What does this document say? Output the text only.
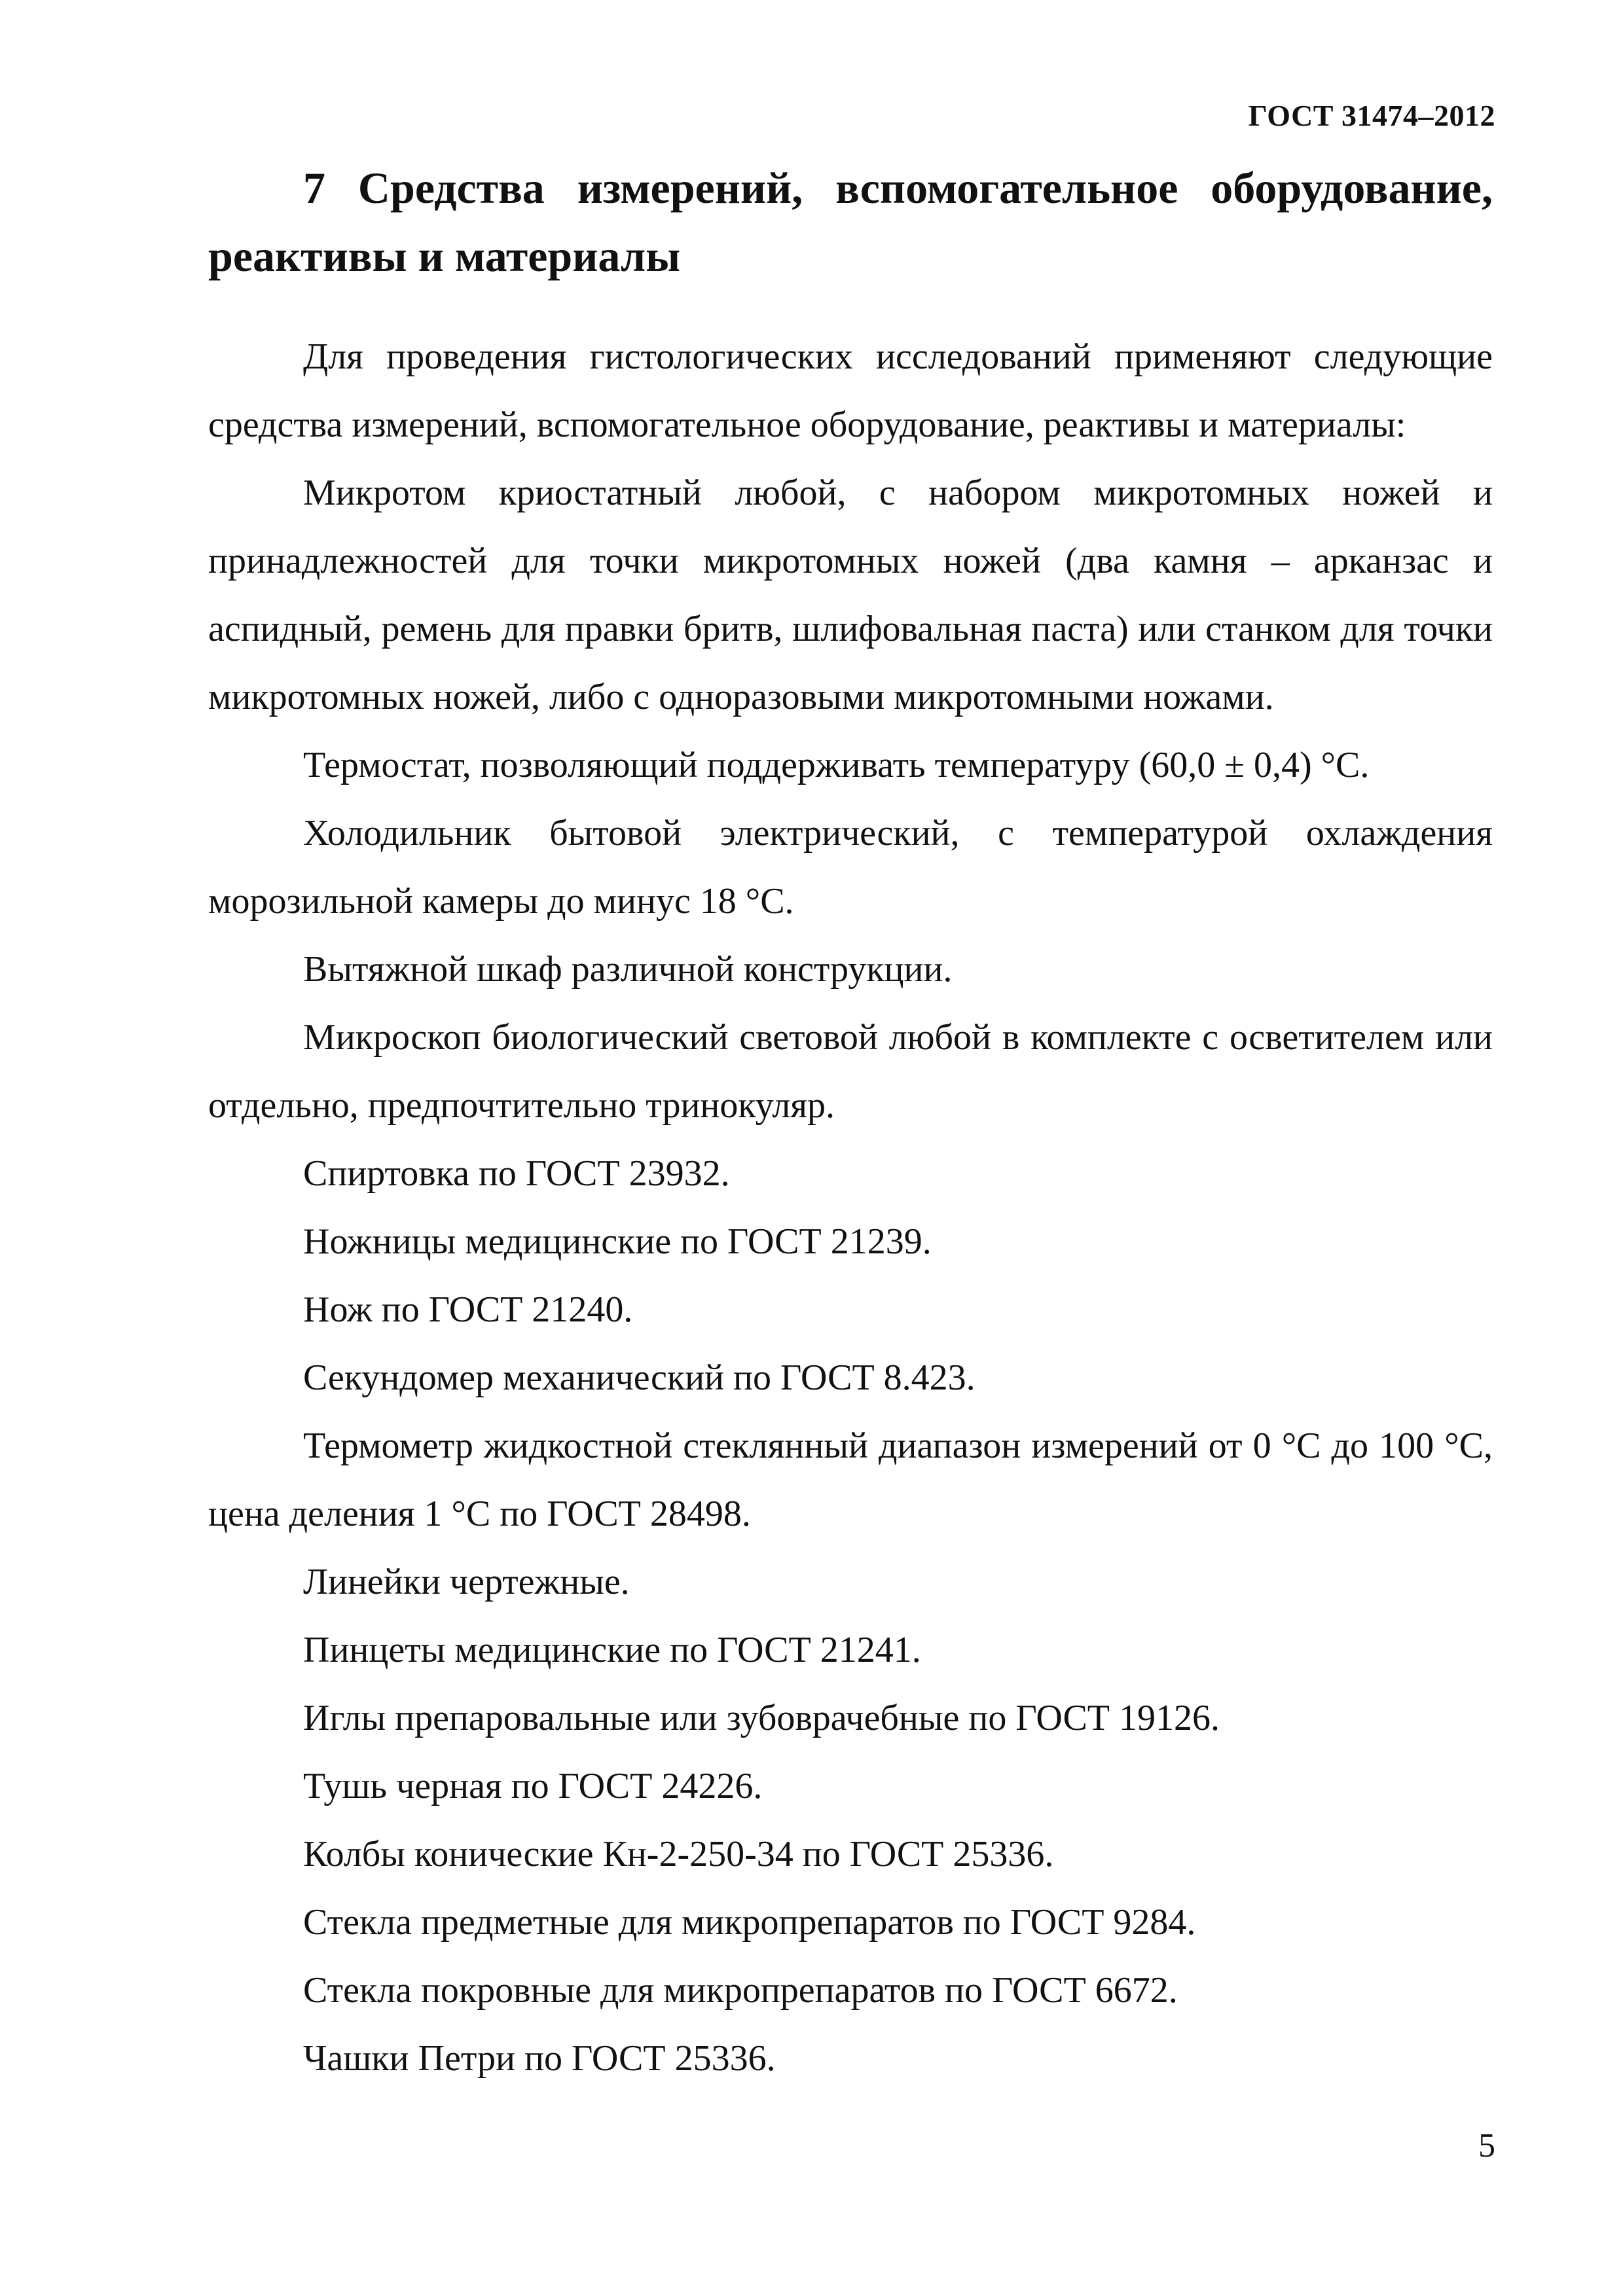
ГОСТ 31474–2012
7 Средства измерений, вспомогательное оборудование, реактивы и материалы

Для проведения гистологических исследований применяют следующие средства измерений, вспомогательное оборудование, реактивы и материалы:

Микротом криостатный любой, с набором микротомных ножей и принадлежностей для точки микротомных ножей (два камня – арканзас и аспидный, ремень для правки бритв, шлифовальная паста) или станком для точки микротомных ножей, либо с одноразовыми микротомными ножами.

Термостат, позволяющий поддерживать температуру (60,0 ± 0,4) °С.

Холодильник бытовой электрический, с температурой охлаждения морозильной камеры до минус 18 °С.

Вытяжной шкаф различной конструкции.

Микроскоп биологический световой любой в комплекте с осветителем или отдельно, предпочтительно тринокуляр.

Спиртовка по ГОСТ 23932.

Ножницы медицинские по ГОСТ 21239.

Нож по ГОСТ 21240.

Секундомер механический по ГОСТ 8.423.

Термометр жидкостной стеклянный диапазон измерений от 0 °С до 100 °С, цена деления 1 °С по ГОСТ 28498.

Линейки чертежные.

Пинцеты медицинские по ГОСТ 21241.

Иглы препаровальные или зубоврачебные по ГОСТ 19126.

Тушь черная по ГОСТ 24226.

Колбы конические Кн-2-250-34 по ГОСТ 25336.

Стекла предметные для микропрепаратов по ГОСТ 9284.

Стекла покровные для микропрепаратов по ГОСТ 6672.

Чашки Петри по ГОСТ 25336.

5
